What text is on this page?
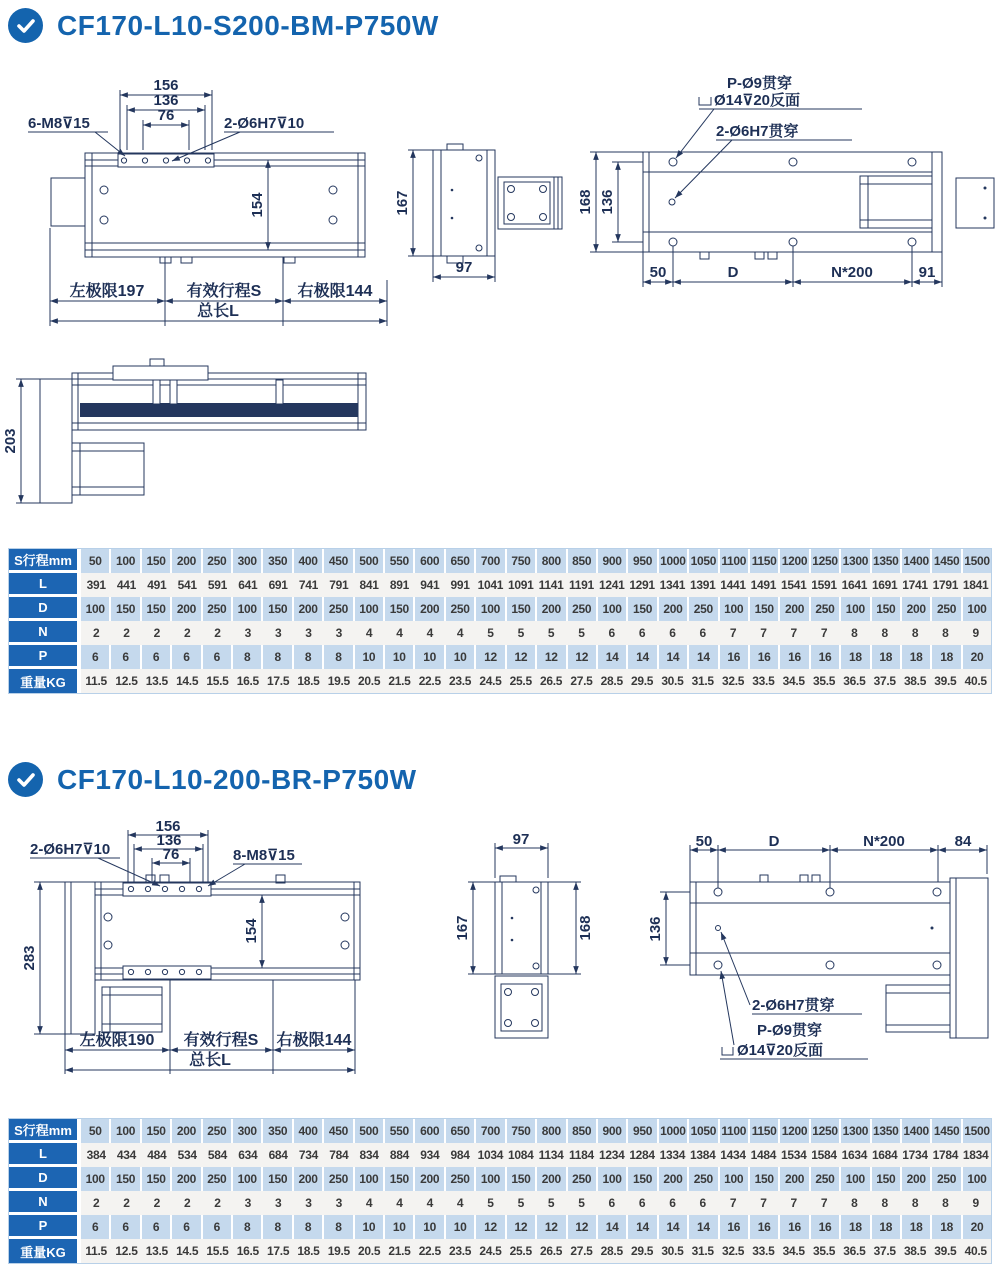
CF170-L10-S200-BM-P750W
156
136
76
6-M8⊽15	2-Ø6H7⊽10
154
左极限197	有效行程S 右极限144
总长L
167
97
P-Ø9贯穿
Ø14⊽20反面
2-Ø6H7贯穿
168 136
50	D	N*200	91
203
S行程mm	50	100 150 200 250 300 350 400 450 500 550 600 650 700 750 800 850 900 950 1000 1050 1100 1150 1200 1250 1300 1350 1400 1450 1500
L	391 441 491 541 591 641 691 741 791 841 891 941 991 1041 1091 1141 1191 1241 1291 1341 1391 1441 1491 1541 1591 1641 1691 1741 1791 1841
D	100 150 150 200 250 100 150 200 250 100 150 200 250 100 150 200 250 100 150 200 250 100 150 200 250 100 150 200 250 100
N	2	2	2	2	2	3	3	3	3	4	4	4	4	5	5	5	5	6	6	6	6	7	7	7	7	8	8	8	8	9
P	6	6	6	6	6	8	8	8	8	10	10	10	10	12	12	12	12	14	14	14	14	16	16	16	16	18	18	18	18	20
重量KG	11.5 12.5 13.5 14.5 15.5 16.5 17.5 18.5 19.5 20.5 21.5 22.5 23.5 24.5 25.5 26.5 27.5 28.5 29.5 30.5 31.5 32.5 33.5 34.5 35.5 36.5 37.5 38.5 39.5 40.5
CF170-L10-200-BR-P750W
156
136
76
2-Ø6H7⊽10	8-M8⊽15
154
283
左极限190 有效行程S 右极限144
总长L
97
167	168
50	D	N*200	84
136
2-Ø6H7贯穿
P-Ø9贯穿
Ø14⊽20反面
S行程mm	50	100 150 200 250 300 350 400 450 500 550 600 650 700 750 800 850 900 950 1000 1050 1100 1150 1200 1250 1300 1350 1400 1450 1500
L	384 434 484 534 584 634 684 734 784 834 884 934 984 1034 1084 1134 1184 1234 1284 1334 1384 1434 1484 1534 1584 1634 1684 1734 1784 1834
D	100 150 150 200 250 100 150 200 250 100 150 200 250 100 150 200 250 100 150 200 250 100 150 200 250 100 150 200 250 100
N	2	2	2	2	2	3	3	3	3	4	4	4	4	5	5	5	5	6	6	6	6	7	7	7	7	8	8	8	8	9
P	6	6	6	6	6	8	8	8	8	10	10	10	10	12	12	12	12	14	14	14	14	16	16	16	16	18	18	18	18	20
重量KG	11.5 12.5 13.5 14.5 15.5 16.5 17.5 18.5 19.5 20.5 21.5 22.5 23.5 24.5 25.5 26.5 27.5 28.5 29.5 30.5 31.5 32.5 33.5 34.5 35.5 36.5 37.5 38.5 39.5 40.5
